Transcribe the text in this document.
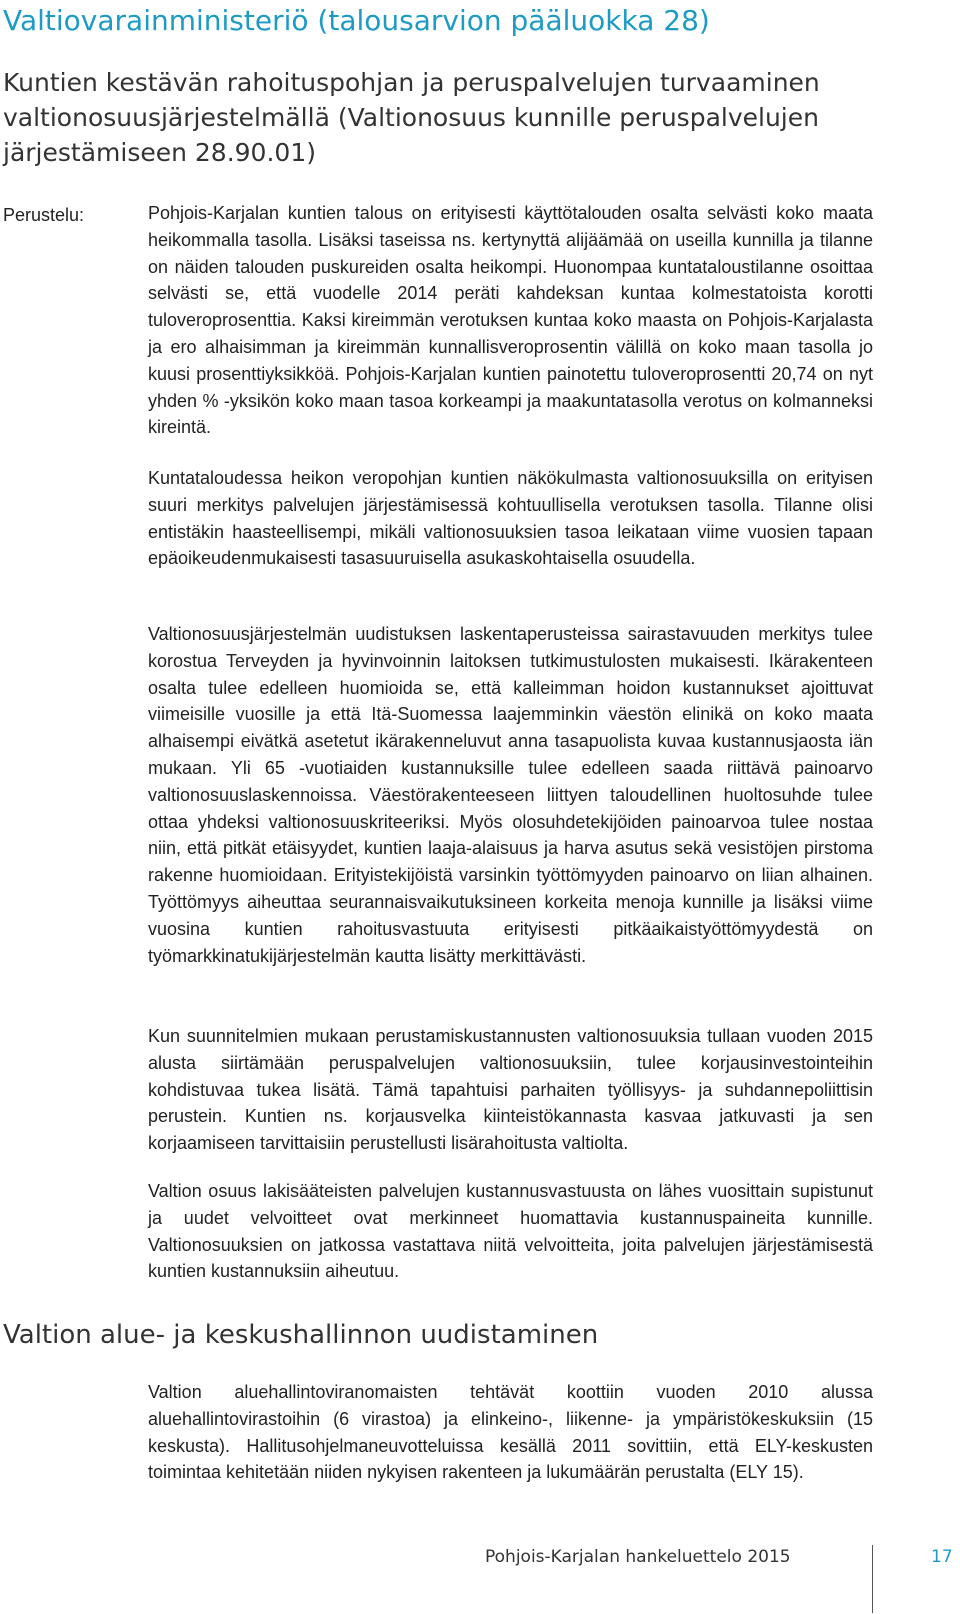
Valtiovarainministeriö (talousarvion pääluokka 28)
Kuntien kestävän rahoituspohjan ja peruspalvelujen turvaaminen valtionosuusjärjestelmällä (Valtionosuus kunnille peruspalvelujen järjestämiseen 28.90.01)
Perustelu:	Pohjois-Karjalan kuntien talous on erityisesti käyttötalouden osalta selvästi koko maata heikommalla tasolla. Lisäksi taseissa ns. kertynyttä alijäämää on useilla kunnilla ja tilanne on näiden talouden puskureiden osalta heikompi. Huonompaa kuntataloustilanne osoittaa selvästi se, että vuodelle 2014 peräti kahdeksan kuntaa kolmestatoista korotti tuloveroprosenttia. Kaksi kireimmän verotuksen kuntaa koko maasta on Pohjois-Karjalasta ja ero alhaisimman ja kireimmän kunnallisveroprosentin välillä on koko maan tasolla jo kuusi prosenttiyksikköä. Pohjois-Karjalan kuntien painotettu tuloveroprosentti 20,74 on nyt yhden % -yksikön koko maan tasoa korkeampi ja maakuntatasolla verotus on kolmanneksi kireintä.

Kuntataloudessa heikon veropohjan kuntien näkökulmasta valtionosuuksilla on erityisen suuri merkitys palvelujen järjestämisessä kohtuullisella verotuksen tasolla. Tilanne olisi entistäkin haasteellisempi, mikäli valtionosuuksien tasoa leikataan viime vuosien tapaan epäoikeudenmukaisesti tasasuuruisella asukaskohtaisella osuudella.

Valtionosuusjärjestelmän uudistuksen laskentaperusteissa sairastavuuden merkitys tulee korostua Terveyden ja hyvinvoinnin laitoksen tutkimustulosten mukaisesti. Ikärakenteen osalta tulee edelleen huomioida se, että kalleimman hoidon kustannukset ajoittuvat viimeisille vuosille ja että Itä-Suomessa laajemminkin väestön elinikä on koko maata alhaisempi eivätkä asetetut ikärakenneluvut anna tasapuolista kuvaa kustannusjaosta iän mukaan. Yli 65 -vuotiaiden kustannuksille tulee edelleen saada riittävä painoarvo valtionosuuslaskennoissa. Väestörakenteeseen liittyen taloudellinen huoltosuhde tulee ottaa yhdeksi valtionosuuskriteeriksi. Myös olosuhdetekijöiden painoarvoa tulee nostaa niin, että pitkät etäisyydet, kuntien laaja-alaisuus ja harva asutus sekä vesistöjen pirstoma rakenne huomioidaan. Erityistekijöistä varsinkin työttömyyden painoarvo on liian alhainen. Työttömyys aiheuttaa seurannaisvaikutuksineen korkeita menoja kunnille ja lisäksi viime vuosina kuntien rahoitusvastuuta erityisesti pitkäaikaistyöttömyydestä on työmarkkinatukijärjestelmän kautta lisätty merkittävästi.

Kun suunnitelmien mukaan perustamiskustannusten valtionosuuksia tullaan vuoden 2015 alusta siirtämään peruspalvelujen valtionosuuksiin, tulee korjausinvestointeihin kohdistuvaa tukea lisätä. Tämä tapahtuisi parhaiten työllisyys- ja suhdannepoliittisin perustein. Kuntien ns. korjausvelka kiinteistökannasta kasvaa jatkuvasti ja sen korjaamiseen tarvittaisiin perustellusti lisärahoitusta valtiolta.

Valtion osuus lakisääteisten palvelujen kustannusvastuusta on lähes vuosittain supistunut ja uudet velvoitteet ovat merkinneet huomattavia kustannuspaineita kunnille. Valtionosuuksien on jatkossa vastattava niitä velvoitteita, joita palvelujen järjestämisestä kuntien kustannuksiin aiheutuu.

Valtion alue- ja keskushallinnon uudistaminen

Valtion aluehallintoviranomaisten tehtävät koottiin vuoden 2010 alussa aluehallintovirastoihin (6 virastoa) ja elinkeino-, liikenne- ja ympäristökeskuksiin (15 keskusta). Hallitusohjelmaneuvotteluissa kesällä 2011 sovittiin, että ELY-keskusten toimintaa kehitetään niiden nykyisen rakenteen ja lukumäärän perustalta (ELY 15).

Pohjois-Karjalan hankeluettelo 2015	17
